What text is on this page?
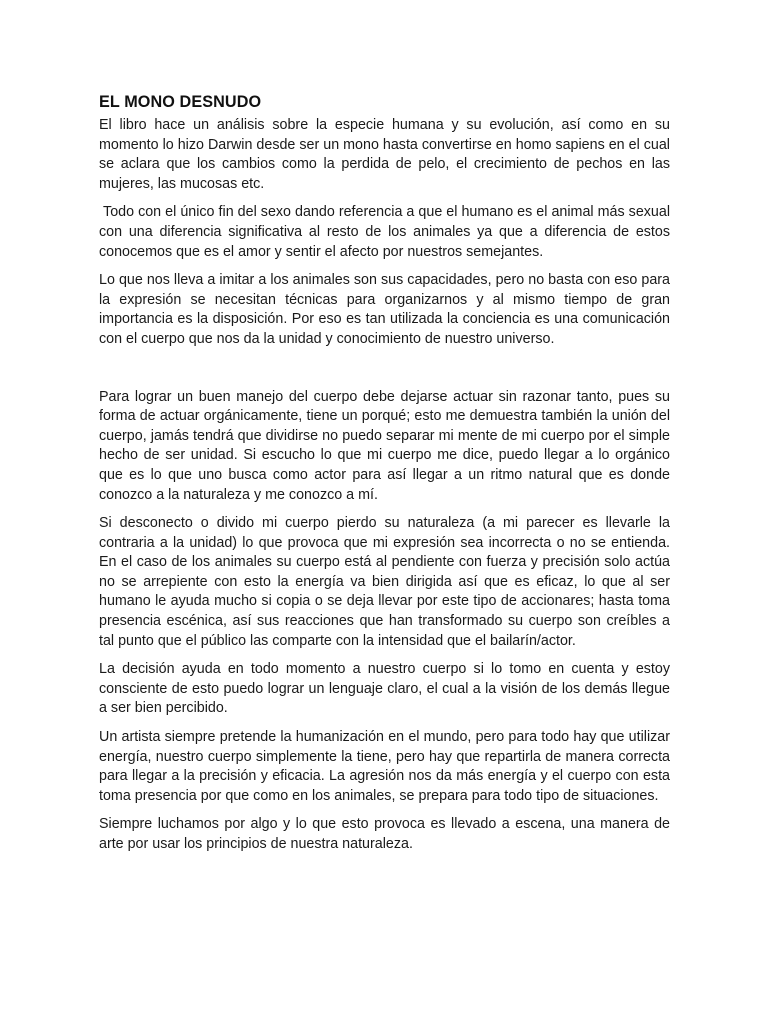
EL MONO DESNUDO

El libro hace un análisis sobre la especie humana y su evolución, así como en su momento lo hizo Darwin desde ser un mono hasta convertirse en homo sapiens en el cual se aclara que los cambios como la perdida de pelo, el crecimiento de pechos en las mujeres, las mucosas etc.

Todo con el único fin del sexo dando referencia a que el humano es el animal más sexual con una diferencia significativa al resto de los animales ya que a diferencia de estos conocemos que es el amor y sentir el afecto por nuestros semejantes.

Lo que nos lleva a imitar a los animales son sus capacidades, pero no basta con eso para la expresión se necesitan técnicas para organizarnos y al mismo tiempo de gran importancia es la disposición. Por eso es tan utilizada la conciencia es una comunicación con el cuerpo que nos da la unidad y conocimiento de nuestro universo.

Para lograr un buen manejo del cuerpo debe dejarse actuar sin razonar tanto, pues su forma de actuar orgánicamente, tiene un porqué; esto me demuestra también la unión del cuerpo, jamás tendrá que dividirse no puedo separar mi mente de mi cuerpo por el simple hecho de ser unidad. Si escucho lo que mi cuerpo me dice, puedo llegar a lo orgánico que es lo que uno busca como actor para así llegar a un ritmo natural que es donde conozco a la naturaleza y me conozco a mí.

Si desconecto o divido mi cuerpo pierdo su naturaleza (a mi parecer es llevarle la contraria a la unidad) lo que provoca que mi expresión sea incorrecta o no se entienda. En el caso de los animales su cuerpo está al pendiente con fuerza y precisión solo actúa no se arrepiente con esto la energía va bien dirigida así que es eficaz, lo que al ser humano le ayuda mucho si copia o se deja llevar por este tipo de accionares; hasta toma presencia escénica, así sus reacciones que han transformado su cuerpo son creíbles a tal punto que el público las comparte con la intensidad que el bailarín/actor.

La decisión ayuda en todo momento a nuestro cuerpo si lo tomo en cuenta y estoy consciente de esto puedo lograr un lenguaje claro, el cual a la visión de los demás llegue a ser bien percibido.

Un artista siempre pretende la humanización en el mundo, pero para todo hay que utilizar energía, nuestro cuerpo simplemente la tiene, pero hay que repartirla de manera correcta para llegar a la precisión y eficacia. La agresión nos da más energía y el cuerpo con esta toma presencia por que como en los animales, se prepara para todo tipo de situaciones.

Siempre luchamos por algo y lo que esto provoca es llevado a escena, una manera de arte por usar los principios de nuestra naturaleza.
